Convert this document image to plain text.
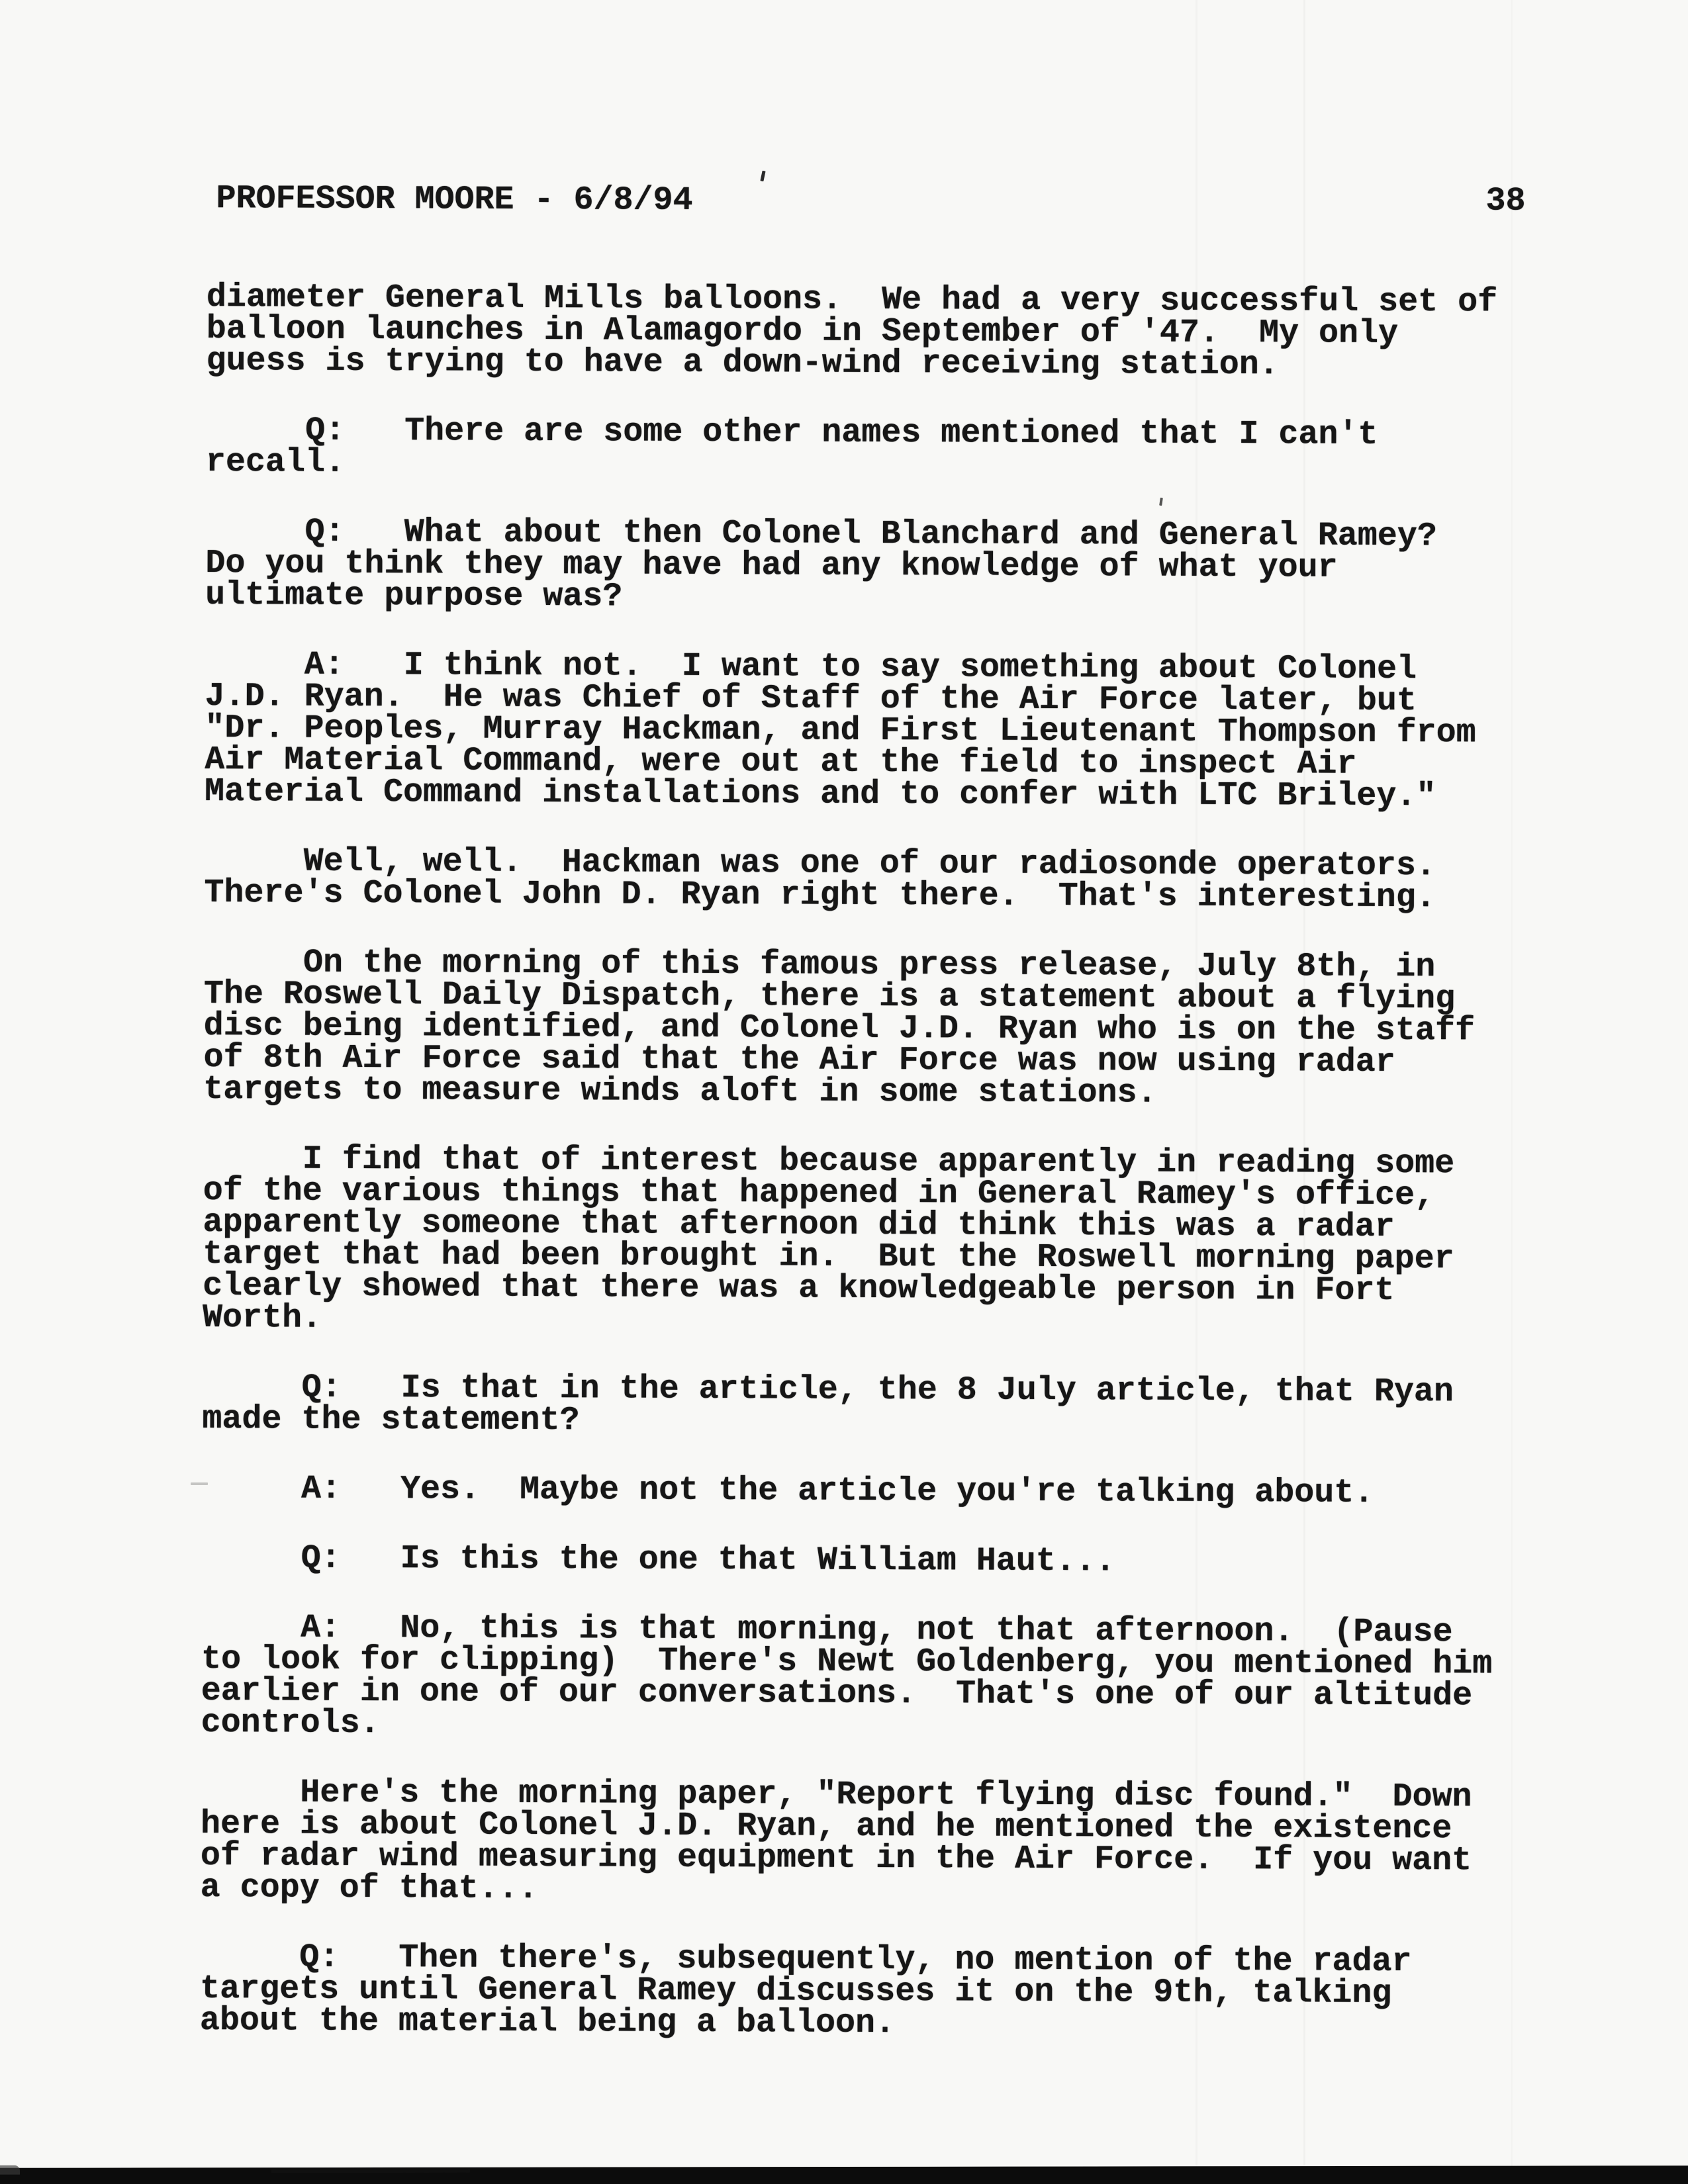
PROFESSOR MOORE - 6/8/94	38
diameter General Mills balloons.  We had a very successful set of
balloon launches in Alamagordo in September of '47.  My only
guess is trying to have a down-wind receiving station.
Q:   There are some other names mentioned that I can't
recall.
Q:   What about then Colonel Blanchard and General Ramey?
Do you think they may have had any knowledge of what your
ultimate purpose was?
A:   I think not.  I want to say something about Colonel
J.D. Ryan.  He was Chief of Staff of the Air Force later, but
"Dr. Peoples, Murray Hackman, and First Lieutenant Thompson from
Air Material Command, were out at the field to inspect Air
Material Command installations and to confer with LTC Briley."
Well, well.  Hackman was one of our radiosonde operators.
There's Colonel John D. Ryan right there.  That's interesting.
On the morning of this famous press release, July 8th, in
The Roswell Daily Dispatch, there is a statement about a flying
disc being identified, and Colonel J.D. Ryan who is on the staff
of 8th Air Force said that the Air Force was now using radar
targets to measure winds aloft in some stations.
I find that of interest because apparently in reading some
of the various things that happened in General Ramey's office,
apparently someone that afternoon did think this was a radar
target that had been brought in.  But the Roswell morning paper
clearly showed that there was a knowledgeable person in Fort
Worth.
Q:   Is that in the article, the 8 July article, that Ryan
made the statement?
A:   Yes.  Maybe not the article you're talking about.
Q:   Is this the one that William Haut...
A:   No, this is that morning, not that afternoon.  (Pause
to look for clipping)  There's Newt Goldenberg, you mentioned him
earlier in one of our conversations.  That's one of our altitude
controls.
Here's the morning paper, "Report flying disc found."  Down
here is about Colonel J.D. Ryan, and he mentioned the existence
of radar wind measuring equipment in the Air Force.  If you want
a copy of that...
Q:   Then there's, subsequently, no mention of the radar
targets until General Ramey discusses it on the 9th, talking
about the material being a balloon.
